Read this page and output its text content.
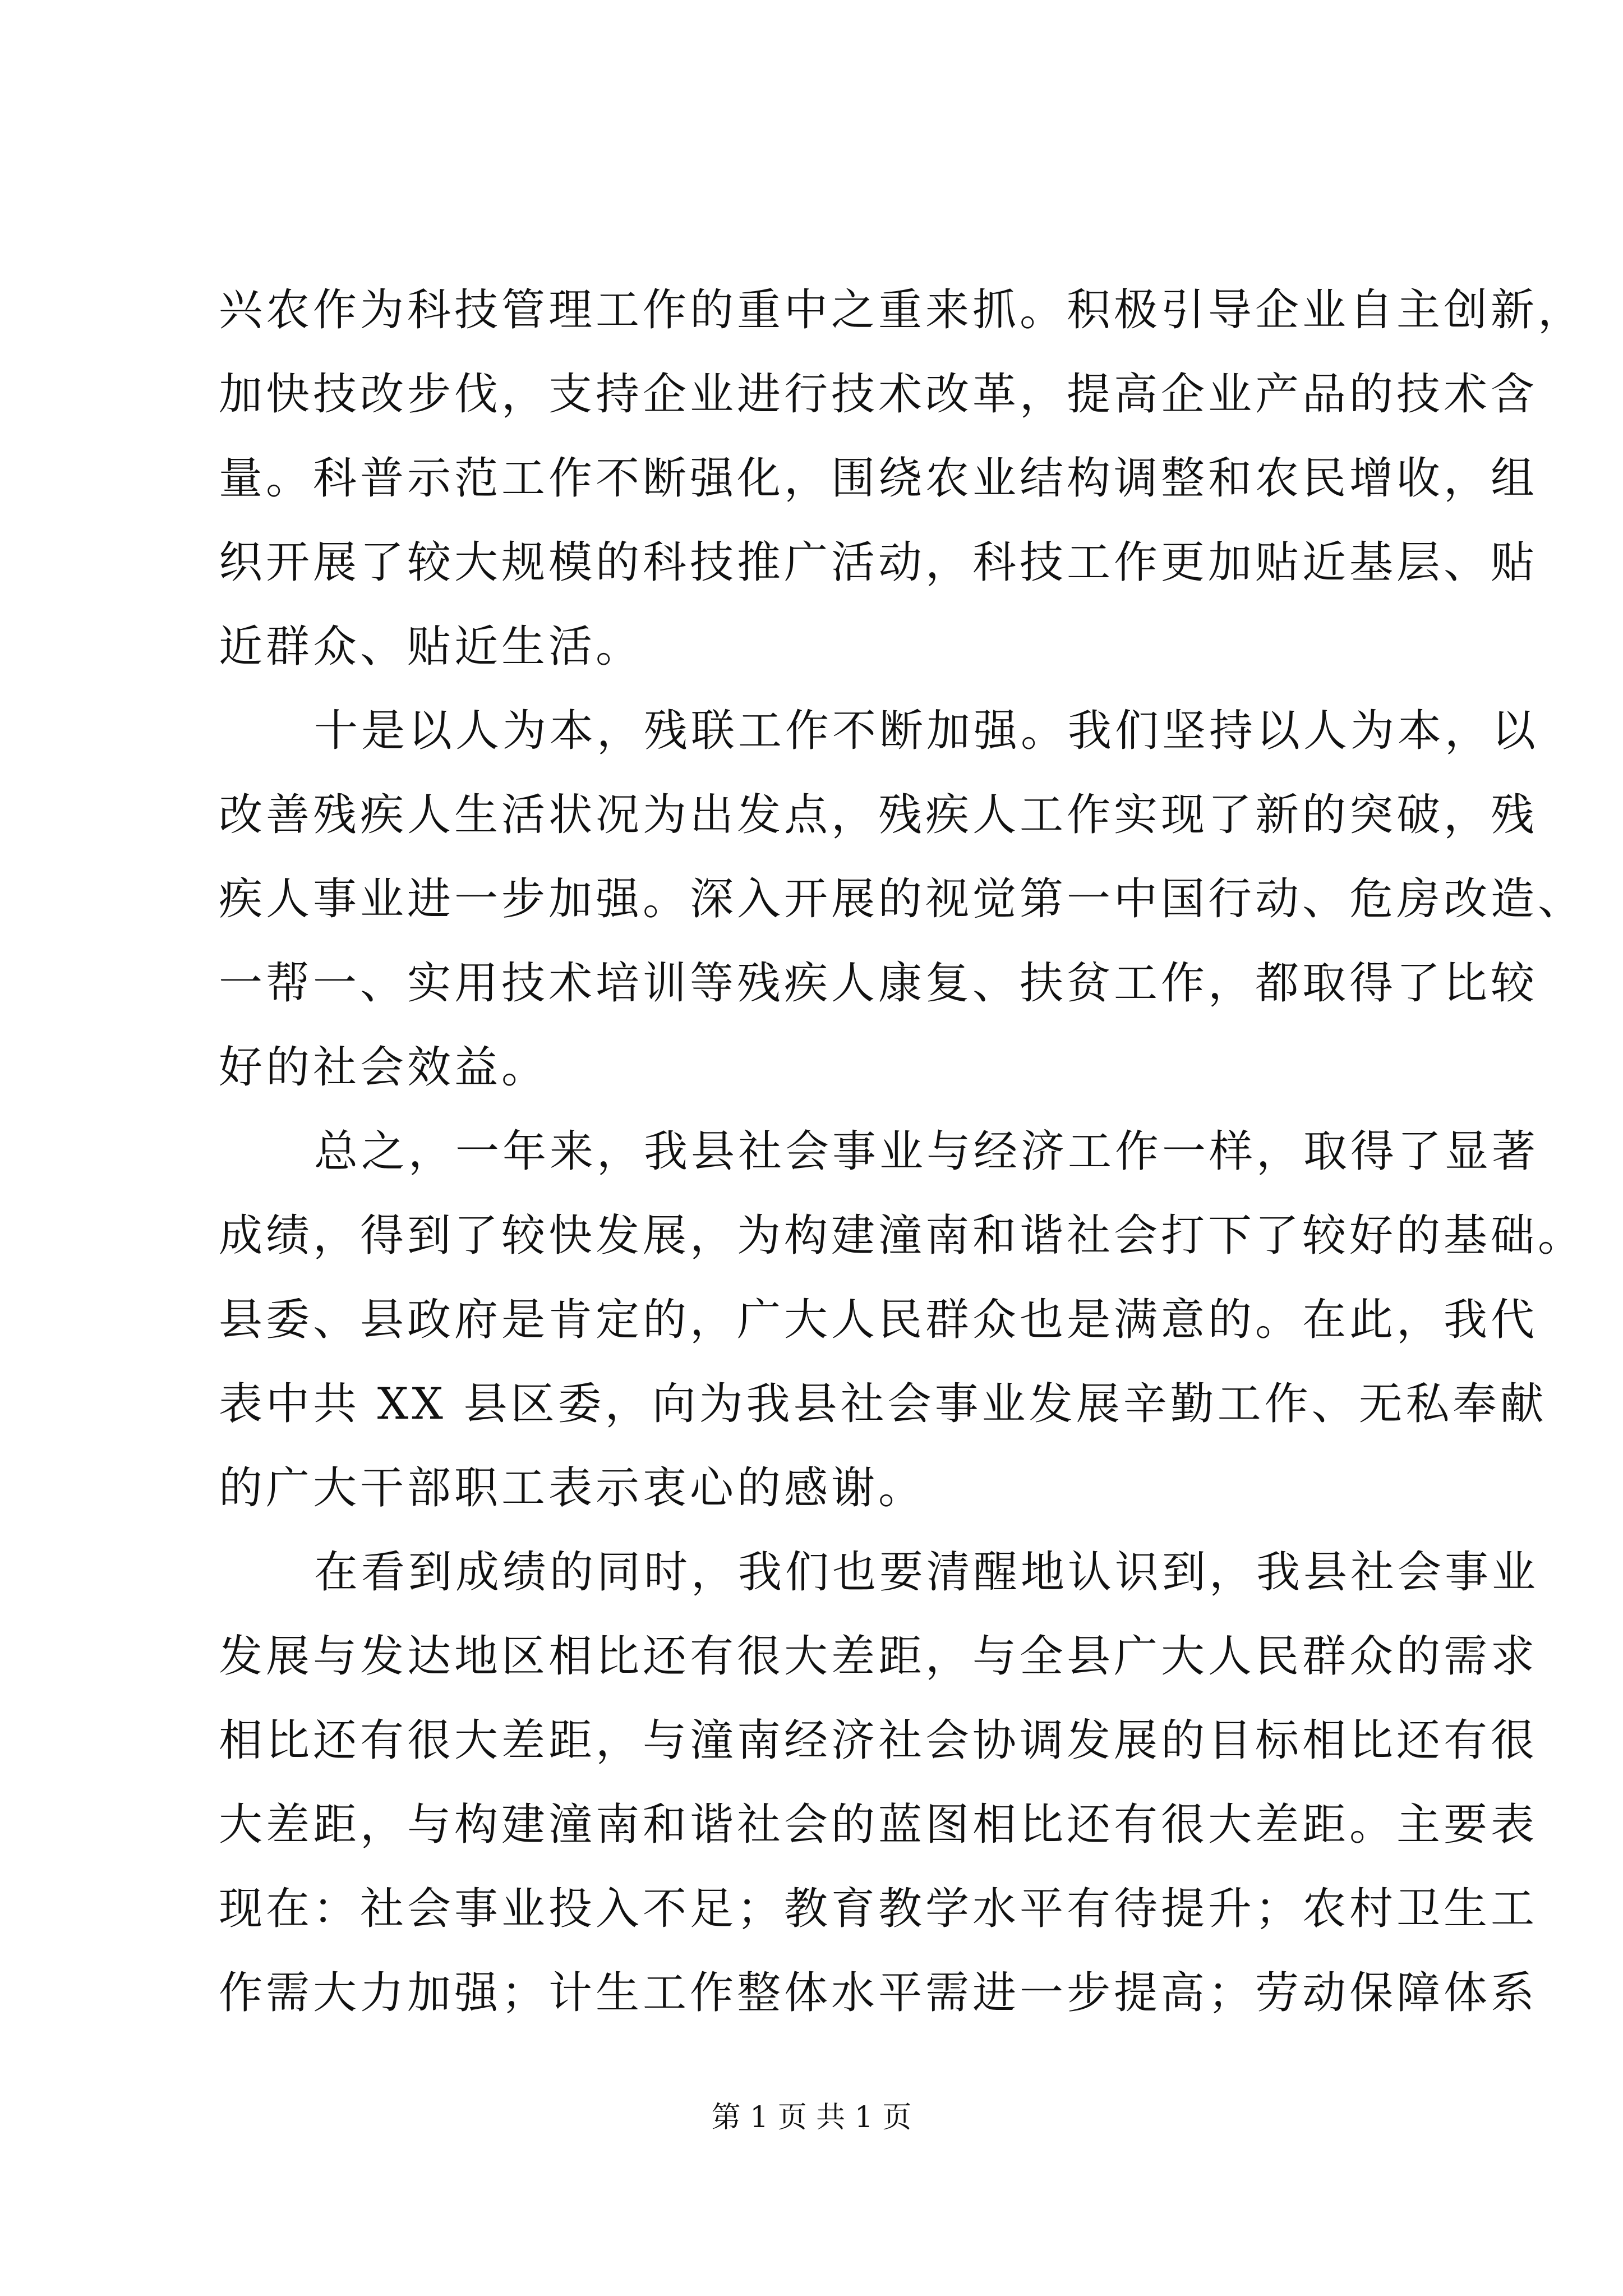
兴农作为科技管理工作的重中之重来抓。积极引导企业自主创新，
加快技改步伐，支持企业进行技术改革，提高企业产品的技术含
量。科普示范工作不断强化，围绕农业结构调整和农民增收，组
织开展了较大规模的科技推广活动，科技工作更加贴近基层、贴
近群众、贴近生活。
十是以人为本，残联工作不断加强。我们坚持以人为本，以
改善残疾人生活状况为出发点，残疾人工作实现了新的突破，残
疾人事业进一步加强。深入开展的视觉第一中国行动、危房改造、
一帮一、实用技术培训等残疾人康复、扶贫工作，都取得了比较
好的社会效益。
总之，一年来，我县社会事业与经济工作一样，取得了显著
成绩，得到了较快发展，为构建潼南和谐社会打下了较好的基础。
县委、县政府是肯定的，广大人民群众也是满意的。在此，我代
表中共 XX 县区委，向为我县社会事业发展辛勤工作、无私奉献
的广大干部职工表示衷心的感谢。
在看到成绩的同时，我们也要清醒地认识到，我县社会事业
发展与发达地区相比还有很大差距，与全县广大人民群众的需求
相比还有很大差距，与潼南经济社会协调发展的目标相比还有很
大差距，与构建潼南和谐社会的蓝图相比还有很大差距。主要表
现在：社会事业投入不足；教育教学水平有待提升；农村卫生工
作需大力加强；计生工作整体水平需进一步提高；劳动保障体系
第 1 页 共 1 页
